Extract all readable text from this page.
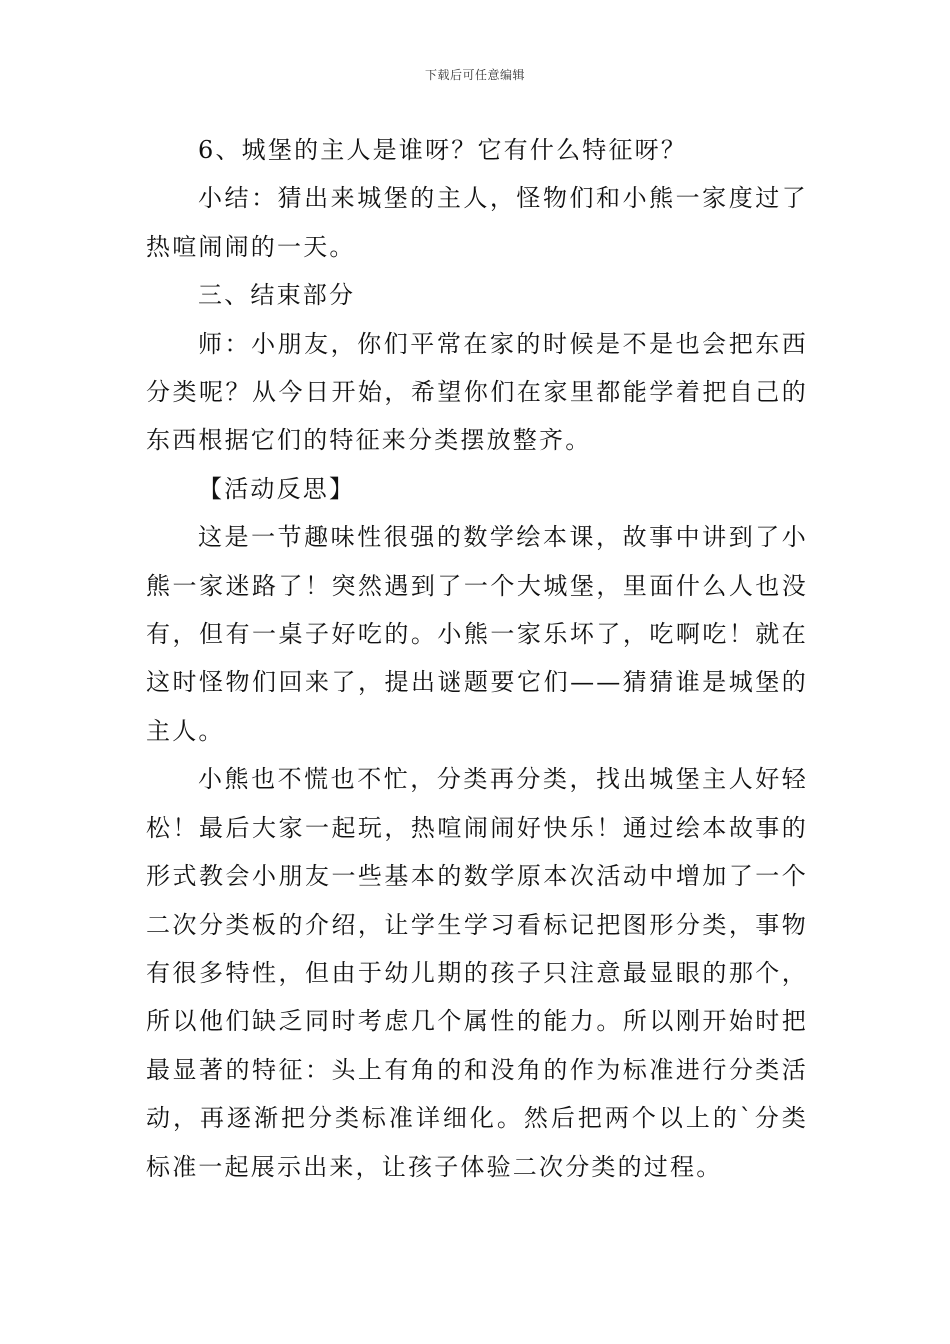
下载后可任意编辑

6、城堡的主人是谁呀？它有什么特征呀？

小结：猜出来城堡的主人，怪物们和小熊一家度过了热喧闹闹的一天。

三、结束部分

师：小朋友，你们平常在家的时候是不是也会把东西分类呢？从今日开始，希望你们在家里都能学着把自己的东西根据它们的特征来分类摆放整齐。

【活动反思】

这是一节趣味性很强的数学绘本课，故事中讲到了小熊一家迷路了！突然遇到了一个大城堡，里面什么人也没有，但有一桌子好吃的。小熊一家乐坏了，吃啊吃！就在这时怪物们回来了，提出谜题要它们——猜猜谁是城堡的主人。

小熊也不慌也不忙，分类再分类，找出城堡主人好轻松！最后大家一起玩，热喧闹闹好快乐！通过绘本故事的形式教会小朋友一些基本的数学原本次活动中增加了一个二次分类板的介绍，让学生学习看标记把图形分类，事物有很多特性，但由于幼儿期的孩子只注意最显眼的那个，所以他们缺乏同时考虑几个属性的能力。所以刚开始时把最显著的特征：头上有角的和没角的作为标准进行分类活动，再逐渐把分类标准详细化。然后把两个以上的`分类标准一起展示出来，让孩子体验二次分类的过程。
